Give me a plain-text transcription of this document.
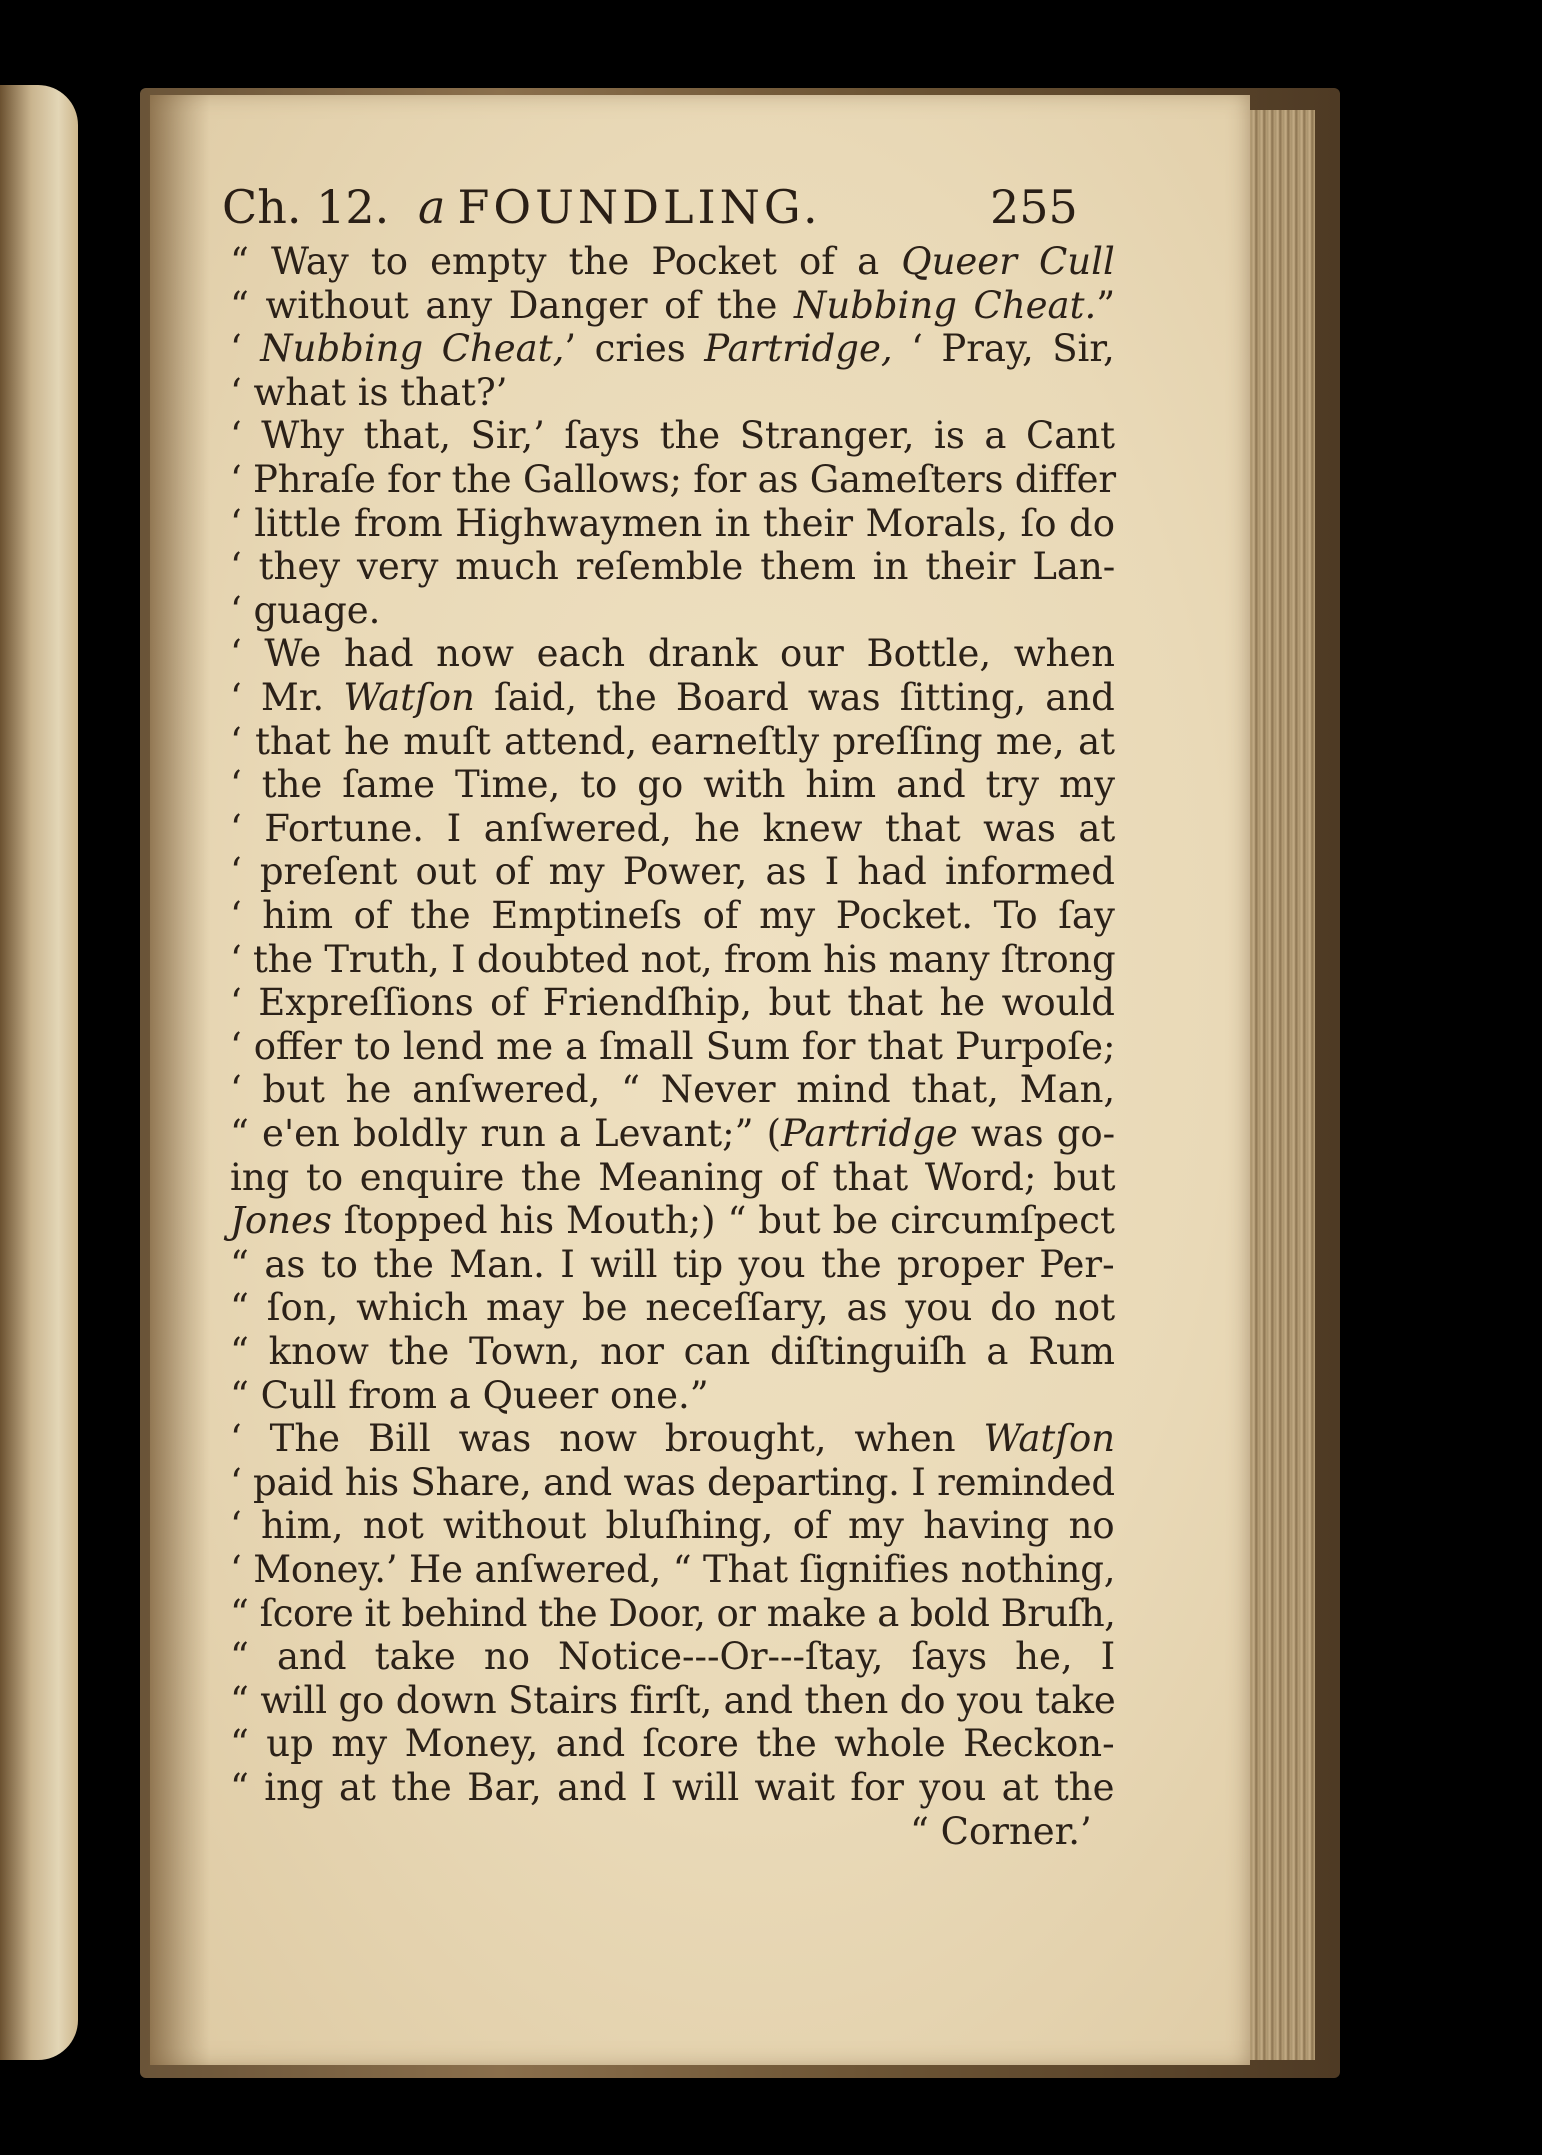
Ch. 12. a FOUNDLING.	255
“ Way to empty the Pocket of a Queer Cull
“ without any Danger of the Nubbing Cheat.”
‘ Nubbing Cheat,’ cries Partridge, ‘ Pray, Sir,
‘ what is that?’
‘ Why that, Sir,’ ſays the Stranger, is a Cant
‘ Phraſe for the Gallows; for as Gameſters differ
‘ little from Highwaymen in their Morals, ſo do
‘ they very much reſemble them in their Lan-
‘ guage.
‘ We had now each drank our Bottle, when
‘ Mr. Watſon ſaid, the Board was ſitting, and
‘ that he muſt attend, earneſtly preſſing me, at
‘ the ſame Time, to go with him and try my
‘ Fortune. I anſwered, he knew that was at
‘ preſent out of my Power, as I had informed
‘ him of the Emptineſs of my Pocket. To ſay
‘ the Truth, I doubted not, from his many ſtrong
‘ Expreſſions of Friendſhip, but that he would
‘ offer to lend me a ſmall Sum for that Purpoſe;
‘ but he anſwered, “ Never mind that, Man,
“ e'en boldly run a Levant;” (Partridge was go-
ing to enquire the Meaning of that Word; but
Jones ſtopped his Mouth;) “ but be circumſpect
“ as to the Man. I will tip you the proper Per-
“ ſon, which may be neceſſary, as you do not
“ know the Town, nor can diſtinguiſh a Rum
“ Cull from a Queer one.”
‘ The Bill was now brought, when Watſon
‘ paid his Share, and was departing. I reminded
‘ him, not without bluſhing, of my having no
‘ Money.’ He anſwered, “ That ſignifies nothing,
“ ſcore it behind the Door, or make a bold Bruſh,
“ and take no Notice---Or---ſtay, ſays he, I
“ will go down Stairs firſt, and then do you take
“ up my Money, and ſcore the whole Reckon-
“ ing at the Bar, and I will wait for you at the
“ Corner.’
